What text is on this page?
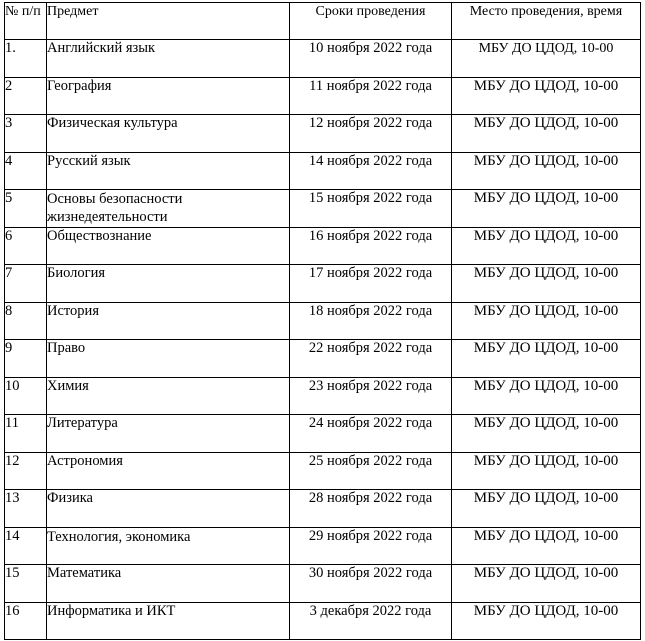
№ п/п	Предмет	Сроки проведения	Место проведения, время
1.	Английский язык	10 ноября 2022 года	МБУ ДО ЦДОД, 10-00
2	География	11 ноября 2022 года	МБУ ДО ЦДОД, 10-00
3	Физическая культура	12 ноября 2022 года	МБУ ДО ЦДОД, 10-00
4	Русский язык	14 ноября 2022 года	МБУ ДО ЦДОД, 10-00
5	Основы безопасности жизнедеятельности	15 ноября 2022 года	МБУ ДО ЦДОД, 10-00
6	Обществознание	16 ноября 2022 года	МБУ ДО ЦДОД, 10-00
7	Биология	17 ноября 2022 года	МБУ ДО ЦДОД, 10-00
8	История	18 ноября 2022 года	МБУ ДО ЦДОД, 10-00
9	Право	22 ноября 2022 года	МБУ ДО ЦДОД, 10-00
10	Химия	23 ноября 2022 года	МБУ ДО ЦДОД, 10-00
11	Литература	24 ноября 2022 года	МБУ ДО ЦДОД, 10-00
12	Астрономия	25 ноября 2022 года	МБУ ДО ЦДОД, 10-00
13	Физика	28 ноября 2022 года	МБУ ДО ЦДОД, 10-00
14	Технология, экономика	29 ноября 2022 года	МБУ ДО ЦДОД, 10-00
15	Математика	30 ноября 2022 года	МБУ ДО ЦДОД, 10-00
16	Информатика и ИКТ	3 декабря 2022 года	МБУ ДО ЦДОД, 10-00
